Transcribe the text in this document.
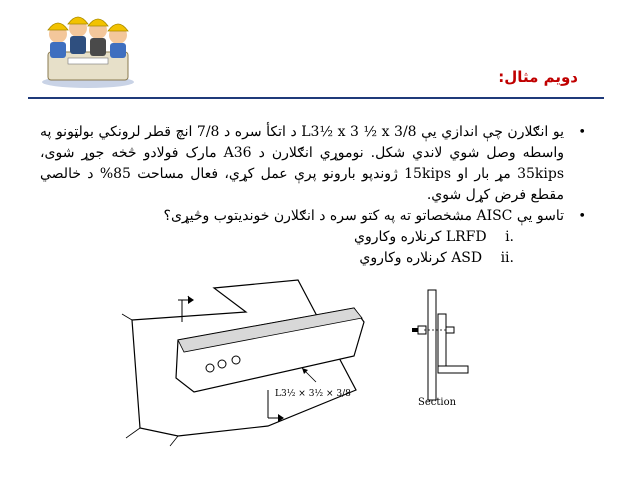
دويم مثال:

•
يو انګلارن چې اندازي يې L3½ x 3 ½ x 3/8 د اتکأ سره د 7/8 انچ قطر لرونکي بولټونو په واسطه وصل شوي لاندي شکل. نوموړي انګلارن د A36 مارک فولادو څخه جوړ شوی، 35kips مړ بار او 15kips ژوندپو بارونو پرې عمل کړي، فعال مساحت 85% د خالصي مقطع فرض کړل شوي.

•
تاسو يې AISC مشخصاتو ته په کتو سره د انګلارن خونديتوب وڅيړی؟

.i LRFD کرنلاره وکاروي

.ii ASD کرنلاره وکاروي

L3½ × 3½ × 3/8
Section
